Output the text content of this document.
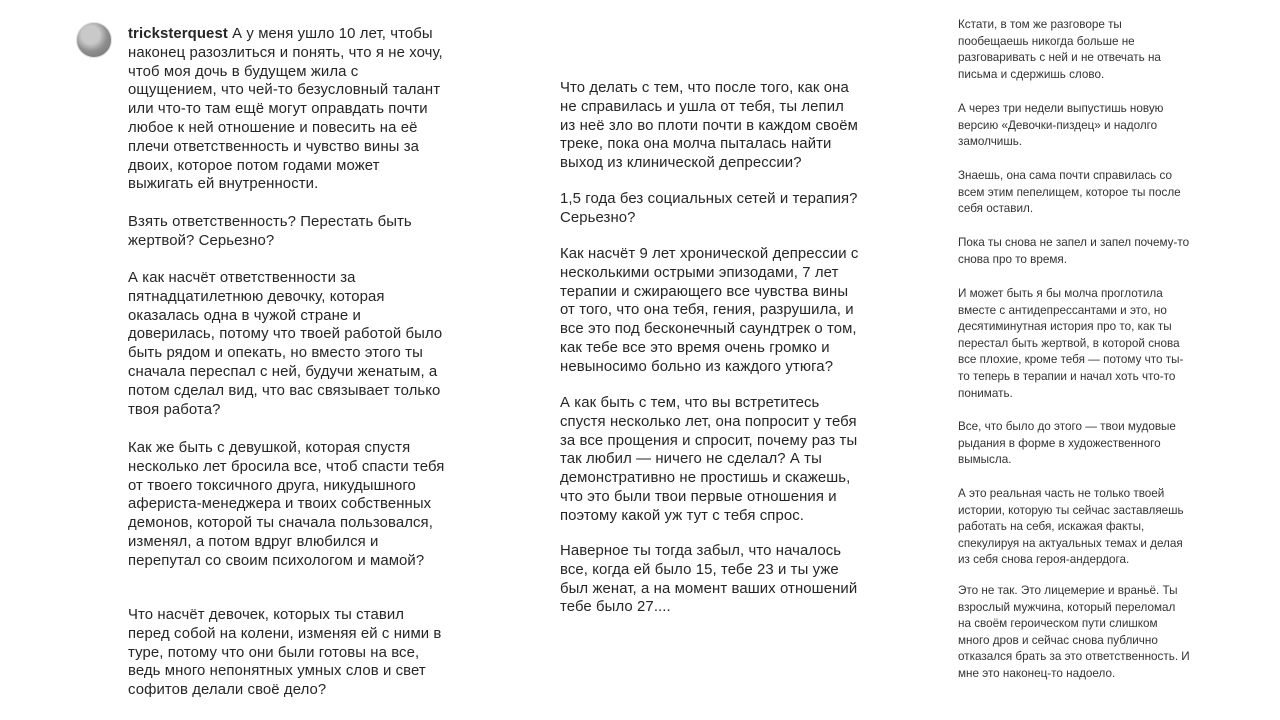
tricksterquest А у меня ушло 10 лет, чтобы наконец разозлиться и понять, что я не хочу, чтоб моя дочь в будущем жила с ощущением, что чей-то безусловный талант или что-то там ещё могут оправдать почти любое к ней отношение и повесить на её плечи ответственность и чувство вины за двоих, которое потом годами может выжигать ей внутренности.

Взять ответственность? Перестать быть жертвой? Серьезно?

А как насчёт ответственности за пятнадцатилетнюю девочку, которая оказалась одна в чужой стране и доверилась, потому что твоей работой было быть рядом и опекать, но вместо этого ты сначала переспал с ней, будучи женатым, а потом сделал вид, что вас связывает только твоя работа?

Как же быть с девушкой, которая спустя несколько лет бросила все, чтоб спасти тебя от твоего токсичного друга, никудышного афериста-менеджера и твоих собственных демонов, которой ты сначала пользовался, изменял, а потом вдруг влюбился и перепутал со своим психологом и мамой?

Что насчёт девочек, которых ты ставил перед собой на колени, изменяя ей с ними в туре, потому что они были готовы на все, ведь много непонятных умных слов и свет софитов делали своё дело?

Что делать с тем, что после того, как она не справилась и ушла от тебя, ты лепил из неё зло во плоти почти в каждом своём треке, пока она молча пыталась найти выход из клинической депрессии?

1,5 года без социальных сетей и терапия? Серьезно?

Как насчёт 9 лет хронической депрессии с несколькими острыми эпизодами, 7 лет терапии и сжирающего все чувства вины от того, что она тебя, гения, разрушила, и все это под бесконечный саундтрек о том, как тебе все это время очень громко и невыносимо больно из каждого утюга?

А как быть с тем, что вы встретитесь спустя несколько лет, она попросит у тебя за все прощения и спросит, почему раз ты так любил — ничего не сделал? А ты демонстративно не простишь и скажешь, что это были твои первые отношения и поэтому какой уж тут с тебя спрос.

Наверное ты тогда забыл, что началось все, когда ей было 15, тебе 23 и ты уже был женат, а на момент ваших отношений тебе было 27....

Кстати, в том же разговоре ты пообещаешь никогда больше не разговаривать с ней и не отвечать на письма и сдержишь слово.

А через три недели выпустишь новую версию «Девочки-пиздец» и надолго замолчишь.

Знаешь, она сама почти справилась со всем этим пепелищем, которое ты после себя оставил.

Пока ты снова не запел и запел почему-то снова про то время.

И может быть я бы молча проглотила вместе с антидепрессантами и это, но десятиминутная история про то, как ты перестал быть жертвой, в которой снова все плохие, кроме тебя — потому что ты-то теперь в терапии и начал хоть что-то понимать.

Все, что было до этого — твои мудовые рыдания в форме в художественного вымысла.

А это реальная часть не только твоей истории, которую ты сейчас заставляешь работать на себя, искажая факты, спекулируя на актуальных темах и делая из себя снова героя-андердога.

Это не так. Это лицемерие и враньё. Ты взрослый мужчина, который переломал на своём героическом пути слишком много дров и сейчас снова публично отказался брать за это ответственность. И мне это наконец-то надоело.
